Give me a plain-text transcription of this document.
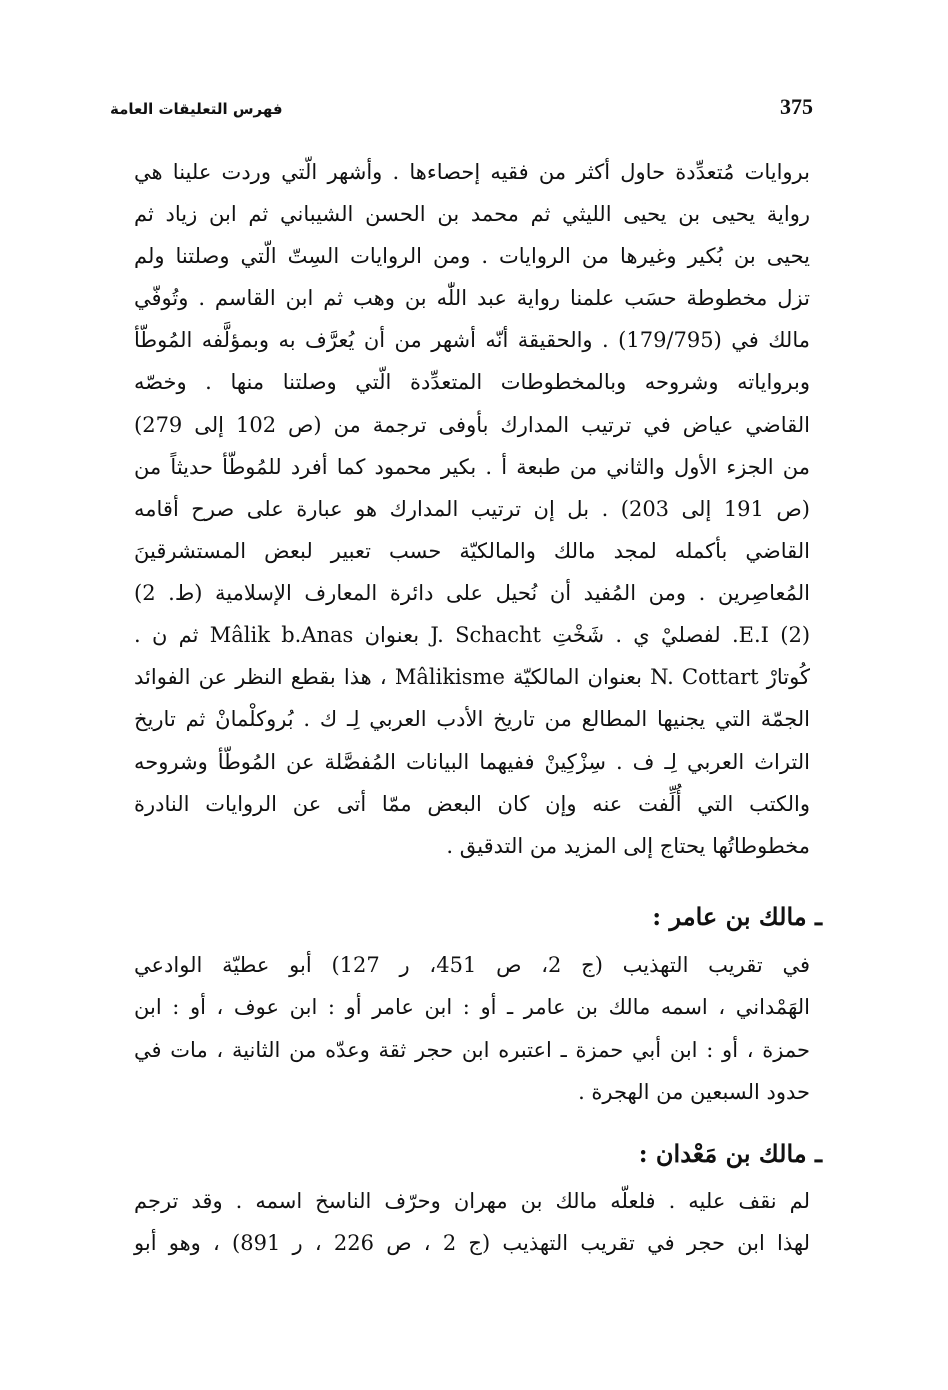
375
فهرس التعليقات العامة
بروايات مُتعدِّدة حاول أكثر من فقيه إحصاءها . وأشهر الّتي وردت علينا هي
رواية يحيى بن يحيى الليثي ثم محمد بن الحسن الشيباني ثم ابن زياد ثم
يحيى بن بُكير وغيرها من الروايات . ومن الروايات السِتّ الّتي وصلتنا ولم
تزل مخطوطة حسَب علمنا رواية عبد اللّٰه بن وهب ثم ابن القاسم . وتُوفّي
مالك في (179/795) . والحقيقة أنّه أشهر من أن يُعرَّف به وبمؤلَّفه المُوطّأ
وبرواياته وشروحه وبالمخطوطات المتعدِّدة الّتي وصلتنا منها . وخصّه
القاضي عياض في ترتيب المدارك بأوفى ترجمة من (ص 102 إلى 279)
من الجزء الأول والثاني من طبعة أ . بكير محمود كما أفرد للمُوطّأ حديثاً من
(ص 191 إلى 203) . بل إن ترتيب المدارك هو عبارة على صرح أقامه
القاضي بأكمله لمجد مالك والمالكيّة حسب تعبير لبعض المستشرقينَ
المُعاصِرين . ومن المُفيد أن نُحيل على دائرة المعارف الإسلامية (ط. 2)
(2) E.I. لفصليْ ي . شَخْتِ J. Schacht بعنوان Mâlik b.Anas ثم ن .
كُوتارْ N. Cottart بعنوان المالكيّة Mâlikisme ، هذا بقطع النظر عن الفوائد
الجمّة التي يجنيها المطالع من تاريخ الأدب العربي لِـ ك . بُروكلْمانْ ثم تاريخ
التراث العربي لِـ ف . سِزْكِينْ ففيهما البيانات المُفصَّلة عن المُوطّأ وشروحه
والكتب التي أُلِّفت عنه وإن كان البعض ممّا أتى عن الروايات النادرة
مخطوطاتُها يحتاج إلى المزيد من التدقيق .
ـ مالك بن عامر :
في تقريب التهذيب (ج 2، ص 451، ر 127) أبو عطيّة الوادعي
الهَمْداني ، اسمه مالك بن عامر ـ أو : ابن عامر أو : ابن عوف ، أو : ابن
حمزة ، أو : ابن أبي حمزة ـ اعتبره ابن حجر ثقة وعدّه من الثانية ، مات في
حدود السبعين من الهجرة .
ـ مالك بن مَعْدان :
لم نقف عليه . فلعلّه مالك بن مهران وحرّف الناسخ اسمه . وقد ترجم
لهذا ابن حجر في تقريب التهذيب (ج 2 ، ص 226 ، ر 891) ، وهو أبو
